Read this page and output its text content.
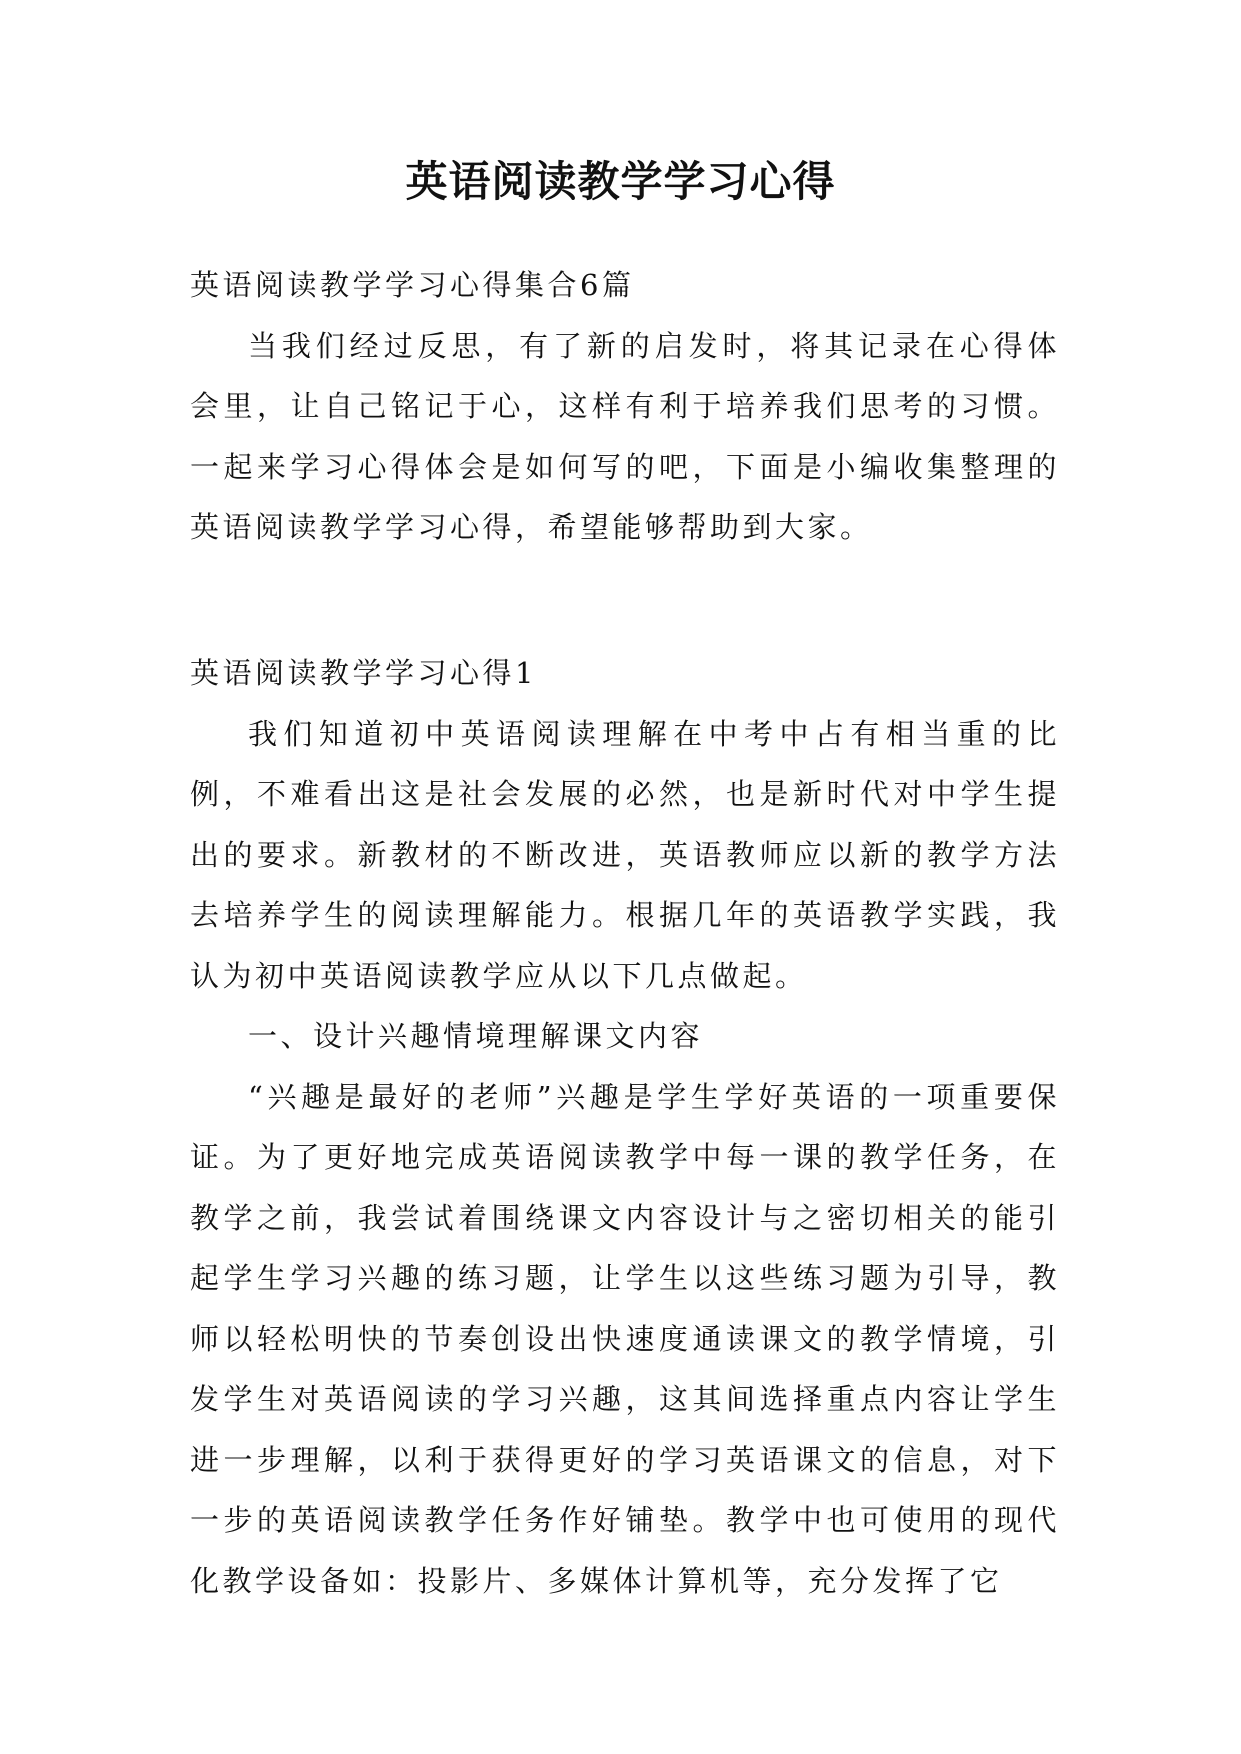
英语阅读教学学习心得

英语阅读教学学习心得集合6篇

当我们经过反思，有了新的启发时，将其记录在心得体会里，让自己铭记于心，这样有利于培养我们思考的习惯。一起来学习心得体会是如何写的吧，下面是小编收集整理的英语阅读教学学习心得，希望能够帮助到大家。

英语阅读教学学习心得1

我们知道初中英语阅读理解在中考中占有相当重的比例，不难看出这是社会发展的必然，也是新时代对中学生提出的要求。新教材的不断改进，英语教师应以新的教学方法去培养学生的阅读理解能力。根据几年的英语教学实践，我认为初中英语阅读教学应从以下几点做起。

一、设计兴趣情境理解课文内容

“兴趣是最好的老师”兴趣是学生学好英语的一项重要保证。为了更好地完成英语阅读教学中每一课的教学任务，在教学之前，我尝试着围绕课文内容设计与之密切相关的能引起学生学习兴趣的练习题，让学生以这些练习题为引导，教师以轻松明快的节奏创设出快速度通读课文的教学情境，引发学生对英语阅读的学习兴趣，这其间选择重点内容让学生进一步理解，以利于获得更好的学习英语课文的信息，对下一步的英语阅读教学任务作好铺垫。教学中也可使用的现代化教学设备如：投影片、多媒体计算机等，充分发挥了它
